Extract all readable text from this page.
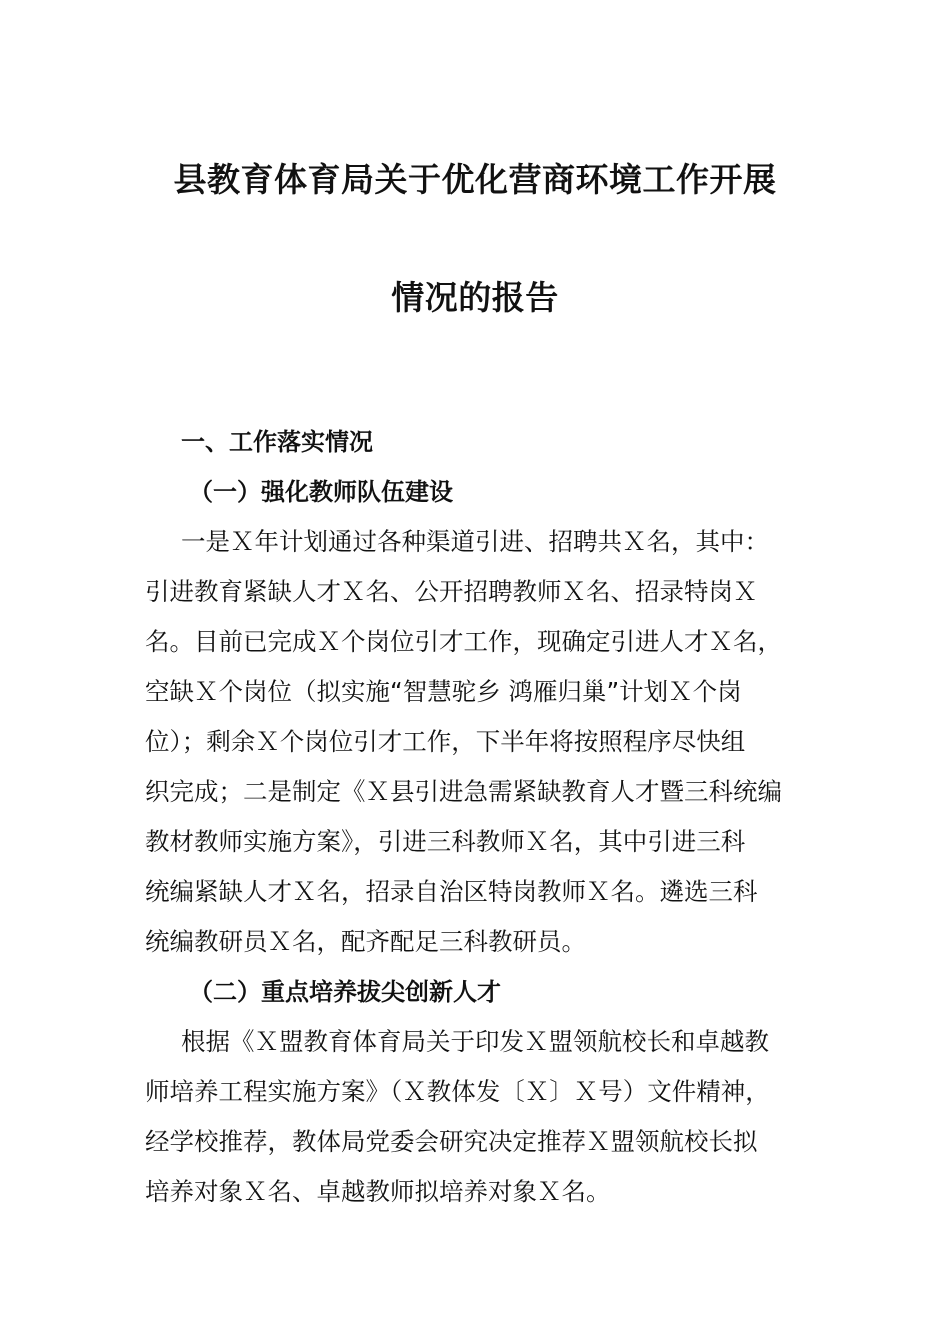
县教育体育局关于优化营商环境工作开展
情况的报告
一、工作落实情况
（一）强化教师队伍建设
一是Ｘ年计划通过各种渠道引进、招聘共Ｘ名，其中：
引进教育紧缺人才Ｘ名、公开招聘教师Ｘ名、招录特岗Ｘ
名。目前已完成Ｘ个岗位引才工作，现确定引进人才Ｘ名，
空缺Ｘ个岗位（拟实施“智慧驼乡 鸿雁归巢”计划Ｘ个岗
位）；剩余Ｘ个岗位引才工作，下半年将按照程序尽快组
织完成；二是制定《Ｘ县引进急需紧缺教育人才暨三科统编
教材教师实施方案》，引进三科教师Ｘ名，其中引进三科
统编紧缺人才Ｘ名，招录自治区特岗教师Ｘ名。遴选三科
统编教研员Ｘ名，配齐配足三科教研员。
（二）重点培养拔尖创新人才
根据《Ｘ盟教育体育局关于印发Ｘ盟领航校长和卓越教
师培养工程实施方案》（Ｘ教体发〔Ｘ〕Ｘ号）文件精神，
经学校推荐，教体局党委会研究决定推荐Ｘ盟领航校长拟
培养对象Ｘ名、卓越教师拟培养对象Ｘ名。
